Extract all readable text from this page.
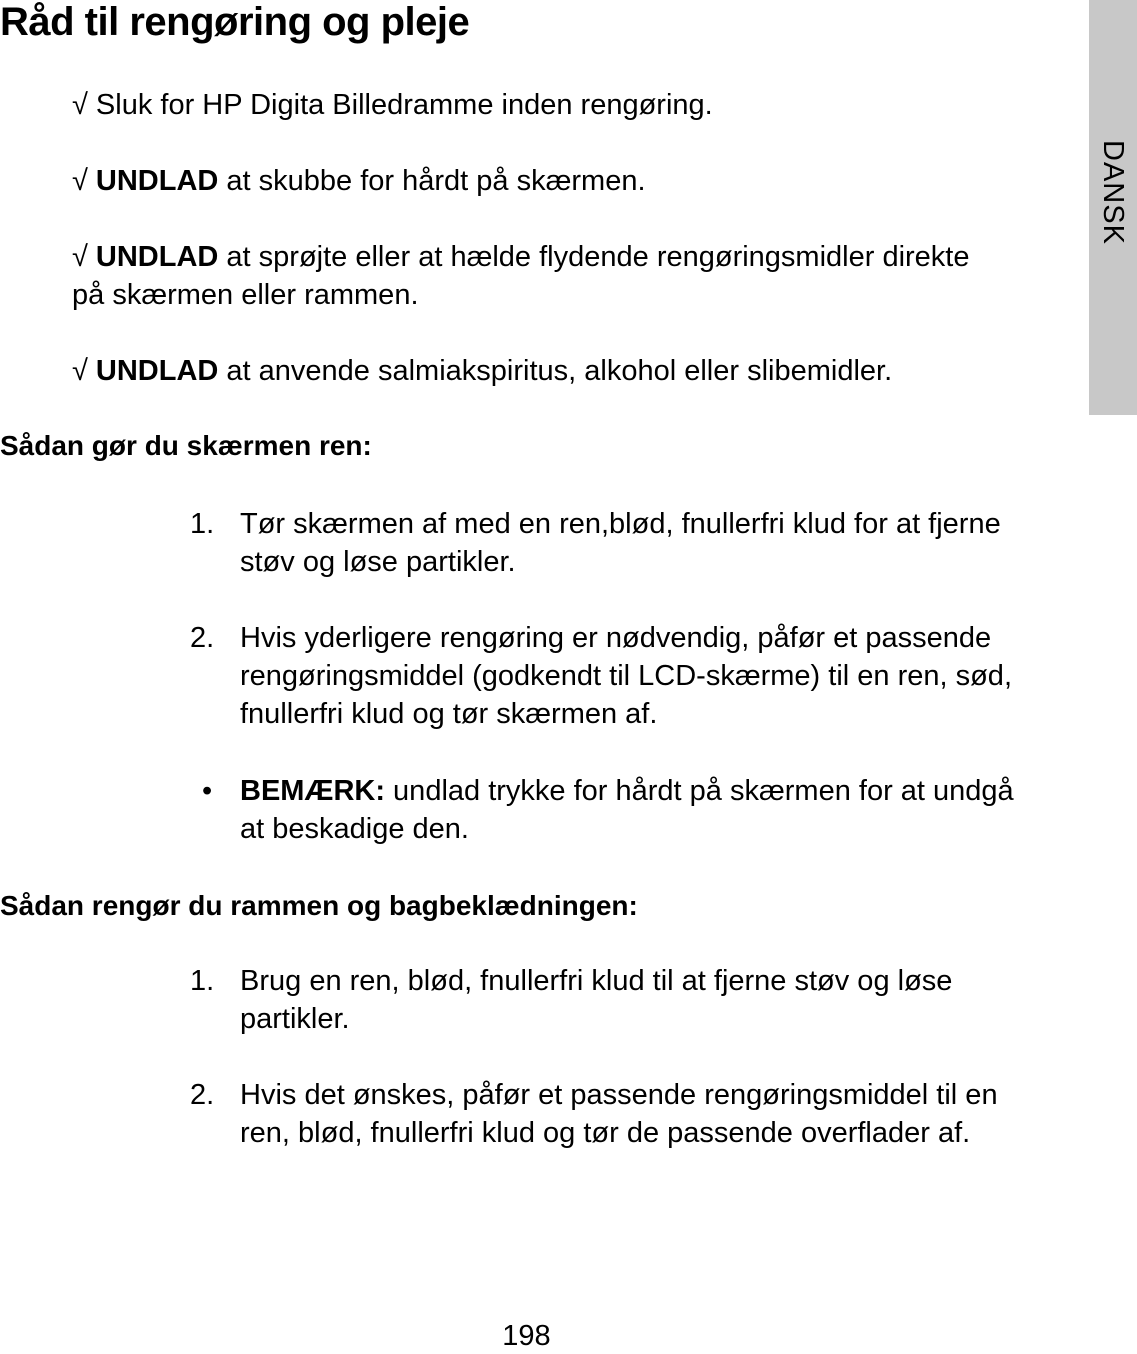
Råd til rengøring og pleje
√ Sluk for HP Digita Billedramme inden rengøring.
√ UNDLAD at skubbe for hårdt på skærmen.
√ UNDLAD at sprøjte eller at hælde flydende rengøringsmidler direkte på skærmen eller rammen.
√ UNDLAD at anvende salmiakspiritus, alkohol eller slibemidler.
Sådan gør du skærmen ren:
1. Tør skærmen af med en ren,blød, fnullerfri klud for at fjerne støv og løse partikler.
2. Hvis yderligere rengøring er nødvendig, påfør et passende rengøringsmiddel (godkendt til LCD-skærme) til en ren, sød, fnullerfri klud og tør skærmen af.
• BEMÆRK: undlad trykke for hårdt på skærmen for at undgå at beskadige den.
Sådan rengør du rammen og bagbeklædningen:
1. Brug en ren, blød, fnullerfri klud til at fjerne støv og løse partikler.
2. Hvis det ønskes, påfør et passende rengøringsmiddel til en ren, blød, fnullerfri klud og tør de passende overflader af.
DANSK
198
